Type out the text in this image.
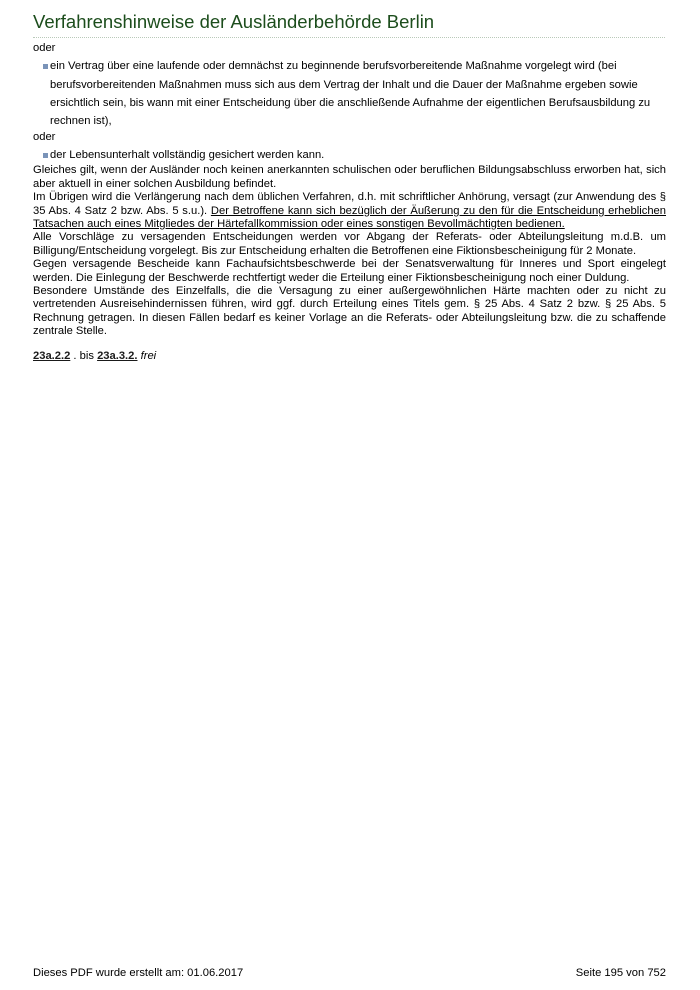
Verfahrenshinweise der Ausländerbehörde Berlin

oder

ein Vertrag über eine laufende oder demnächst zu beginnende berufsvorbereitende Maßnahme vorgelegt wird (bei berufsvorbereitenden Maßnahmen muss sich aus dem Vertrag der Inhalt und die Dauer der Maßnahme ergeben sowie ersichtlich sein, bis wann mit einer Entscheidung über die anschließende Aufnahme der eigentlichen Berufsausbildung zu rechnen ist),

oder

der Lebensunterhalt vollständig gesichert werden kann.

Gleiches gilt, wenn der Ausländer noch keinen anerkannten schulischen oder beruflichen Bildungsabschluss erworben hat, sich aber aktuell in einer solchen Ausbildung befindet.

Im Übrigen wird die Verlängerung nach dem üblichen Verfahren, d.h. mit schriftlicher Anhörung, versagt (zur Anwendung des § 35 Abs. 4 Satz 2 bzw. Abs. 5 s.u.). Der Betroffene kann sich bezüglich der Äußerung zu den für die Entscheidung erheblichen Tatsachen auch eines Mitgliedes der Härtefallkommission oder eines sonstigen Bevollmächtigten bedienen.

Alle Vorschläge zu versagenden Entscheidungen werden vor Abgang der Referats- oder Abteilungsleitung m.d.B. um Billigung/Entscheidung vorgelegt. Bis zur Entscheidung erhalten die Betroffenen eine Fiktionsbescheinigung für 2 Monate.

Gegen versagende Bescheide kann Fachaufsichtsbeschwerde bei der Senatsverwaltung für Inneres und Sport eingelegt werden. Die Einlegung der Beschwerde rechtfertigt weder die Erteilung einer Fiktionsbescheinigung noch einer Duldung.

Besondere Umstände des Einzelfalls, die die Versagung zu einer außergewöhnlichen Härte machten oder zu nicht zu vertretenden Ausreisehindernissen führen, wird ggf. durch Erteilung eines Titels gem. § 25 Abs. 4 Satz 2 bzw. § 25 Abs. 5 Rechnung getragen. In diesen Fällen bedarf es keiner Vorlage an die Referats- oder Abteilungsleitung bzw. die zu schaffende zentrale Stelle.

23a.2.2 . bis 23a.3.2. frei

Dieses PDF wurde erstellt am: 01.06.2017	Seite 195 von 752
